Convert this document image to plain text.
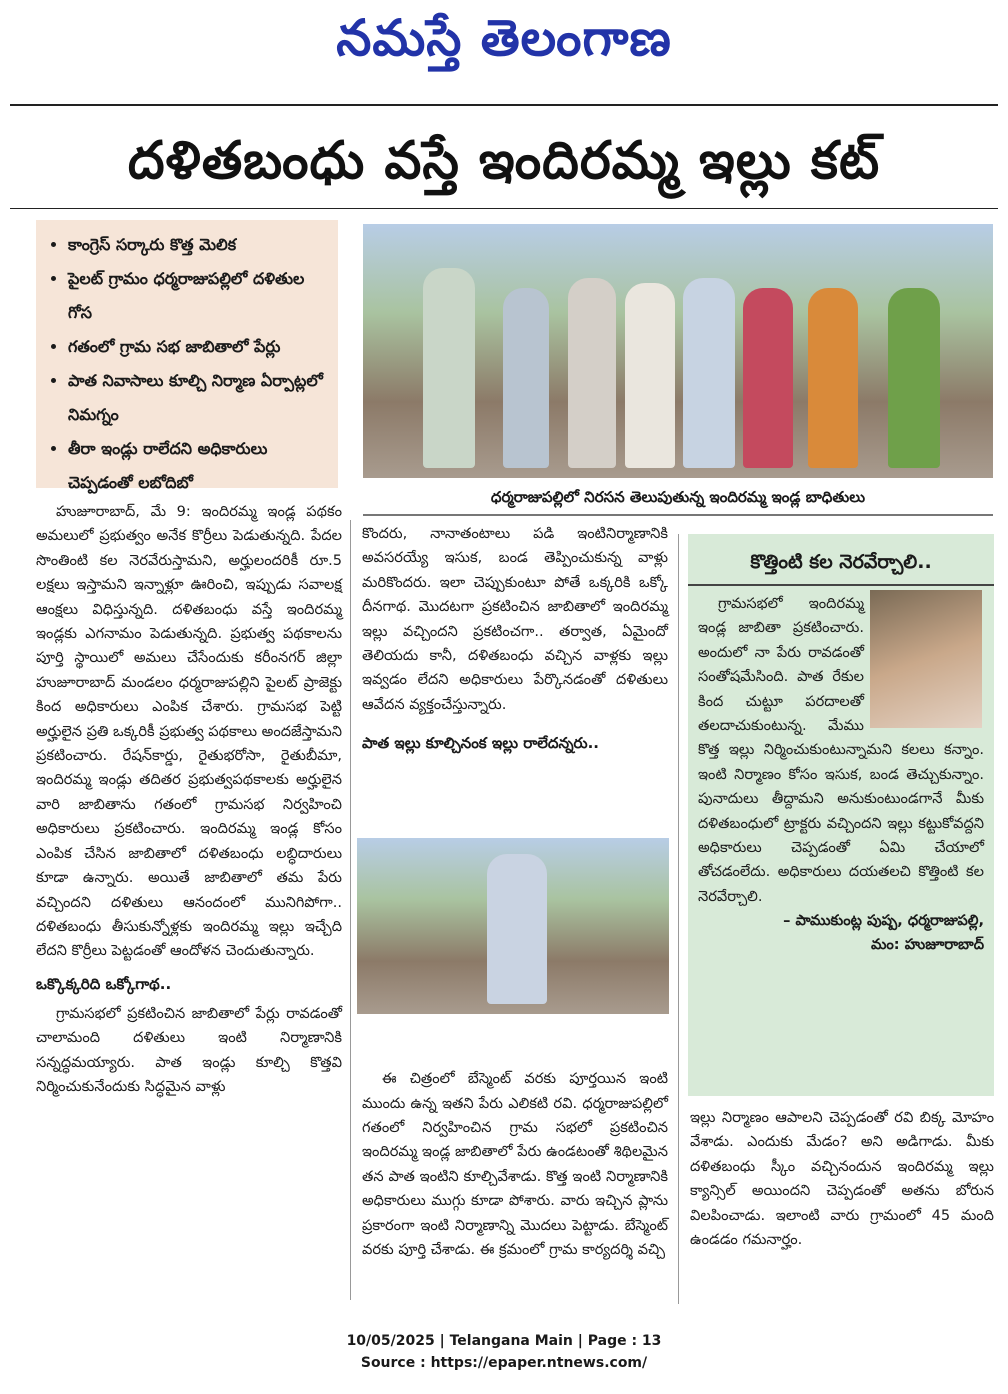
నమస్తే తెలంగాణ
దళితబంధు వస్తే ఇందిరమ్మ ఇల్లు కట్
• కాంగ్రెస్ సర్కారు కొత్త మెలిక
• పైలట్ గ్రామం ధర్మరాజుపల్లిలో దళితుల గోస
• గతంలో గ్రామ సభ జాబితాలో పేర్లు
• పాత నివాసాలు కూల్చి నిర్మాణ ఏర్పాట్లలో నిమగ్నం
• తీరా ఇండ్లు రాలేదని అధికారులు చెప్పడంతో లబోదిబో
ధర్మరాజుపల్లిలో నిరసన తెలుపుతున్న ఇందిరమ్మ ఇండ్ల బాధితులు

హుజూరాబాద్, మే 9: ఇందిరమ్మ ఇండ్ల పథకం అమలులో ప్రభుత్వం అనేక కొర్రీలు పెడుతున్నది. పేదల సొంతింటి కల నెరవేరుస్తామని, అర్హులందరికీ రూ.5 లక్షలు ఇస్తామని ఇన్నాళ్లూ ఊరించి, ఇప్పుడు సవాలక్ష ఆంక్షలు విధిస్తున్నది. దళితబంధు వస్తే ఇందిరమ్మ ఇండ్లకు ఎగనామం పెడుతున్నది. ప్రభుత్వ పథకాలను పూర్తి స్థాయిలో అమలు చేసేందుకు కరీంనగర్ జిల్లా హుజూరాబాద్ మండలం ధర్మరాజుపల్లిని పైలట్ ప్రాజెక్టు కింద అధికారులు ఎంపిక చేశారు. గ్రామసభ పెట్టి అర్హులైన ప్రతి ఒక్కరికీ ప్రభుత్వ పథకాలు అందజేస్తామని ప్రకటించారు. రేషన్‌కార్డు, రైతుభరోసా, రైతుబీమా, ఇందిరమ్మ ఇండ్లు తదితర ప్రభుత్వపథకాలకు అర్హులైన వారి జాబితాను గతంలో గ్రామసభ నిర్వహించి అధికారులు ప్రకటించారు. ఇందిరమ్మ ఇండ్ల కోసం ఎంపిక చేసిన జాబితాలో దళితబంధు లబ్ధిదారులు కూడా ఉన్నారు. అయితే జాబితాలో తమ పేరు వచ్చిందని దళితులు ఆనందంలో మునిగిపోగా.. దళితబంధు తీసుకున్నోళ్లకు ఇందిరమ్మ ఇల్లు ఇచ్చేది లేదని కొర్రీలు పెట్టడంతో ఆందోళన చెందుతున్నారు.

ఒక్కొక్కరిది ఒక్కోగాథ..

గ్రామసభలో ప్రకటించిన జాబితాలో పేర్లు రావడంతో చాలామంది దళితులు ఇంటి నిర్మాణానికి సన్నద్ధమయ్యారు. పాత ఇండ్లు కూల్చి కొత్తవి నిర్మించుకునేందుకు సిద్ధమైన వాళ్లు

కొందరు, నానాతంటాలు పడి ఇంటినిర్మాణానికి అవసరయ్యే ఇసుక, బండ తెప్పించుకున్న వాళ్లు మరికొందరు. ఇలా చెప్పుకుంటూ పోతే ఒక్కరికి ఒక్కో దీనగాథ. మొదటగా ప్రకటించిన జాబితాలో ఇందిరమ్మ ఇల్లు వచ్చిందని ప్రకటించగా.. తర్వాత, ఏమైందో తెలియదు కానీ, దళితబంధు వచ్చిన వాళ్లకు ఇల్లు ఇవ్వడం లేదని అధికారులు పేర్కొనడంతో దళితులు ఆవేదన వ్యక్తంచేస్తున్నారు.

పాత ఇల్లు కూల్చినంక ఇల్లు రాలేదన్నరు..

ఈ చిత్రంలో బేస్మెంట్ వరకు పూర్తయిన ఇంటి ముందు ఉన్న ఇతని పేరు ఎలికటి రవి. ధర్మరాజుపల్లిలో గతంలో నిర్వహించిన గ్రామ సభలో ప్రకటించిన ఇందిరమ్మ ఇండ్ల జాబితాలో పేరు ఉండటంతో శిథిలమైన తన పాత ఇంటిని కూల్చివేశాడు. కొత్త ఇంటి నిర్మాణానికి అధికారులు ముగ్గు కూడా పోశారు. వారు ఇచ్చిన ప్లాను ప్రకారంగా ఇంటి నిర్మాణాన్ని మొదలు పెట్టాడు. బేస్మెంట్ వరకు పూర్తి చేశాడు. ఈ క్రమంలో గ్రామ కార్యదర్శి వచ్చి

కొత్తింటి కల నెరవేర్చాలి..

గ్రామసభలో ఇందిరమ్మ ఇండ్ల జాబితా ప్రకటించారు. అందులో నా పేరు రావడంతో సంతోషమేసింది. పాత రేకుల కింద చుట్టూ పరదాలతో తలదాచుకుంటున్న. మేము కొత్త ఇల్లు నిర్మించుకుంటున్నామని కలలు కన్నాం. ఇంటి నిర్మాణం కోసం ఇసుక, బండ తెచ్చుకున్నాం. పునాదులు తీద్దామని అనుకుంటుండగానే మీకు దళితబంధులో ట్రాక్టరు వచ్చిందని ఇల్లు కట్టుకోవద్దని అధికారులు చెప్పడంతో ఏమి చేయాలో తోచడంలేదు. అధికారులు దయతలచి కొత్తింటి కల నెరవేర్చాలి.

– పాముకుంట్ల పుష్ప, ధర్మరాజుపల్లి,
మం: హుజూరాబాద్

ఇల్లు నిర్మాణం ఆపాలని చెప్పడంతో రవి బిక్క మోహం వేశాడు. ఎందుకు మేడం? అని అడిగాడు. మీకు దళితబంధు స్కీం వచ్చినందున ఇందిరమ్మ ఇల్లు క్యాన్సిల్ అయిందని చెప్పడంతో అతను బోరున విలపించాడు. ఇలాంటి వారు గ్రామంలో 45 మంది ఉండడం గమనార్హం.

10/05/2025 | Telangana Main | Page : 13
Source : https://epaper.ntnews.com/
